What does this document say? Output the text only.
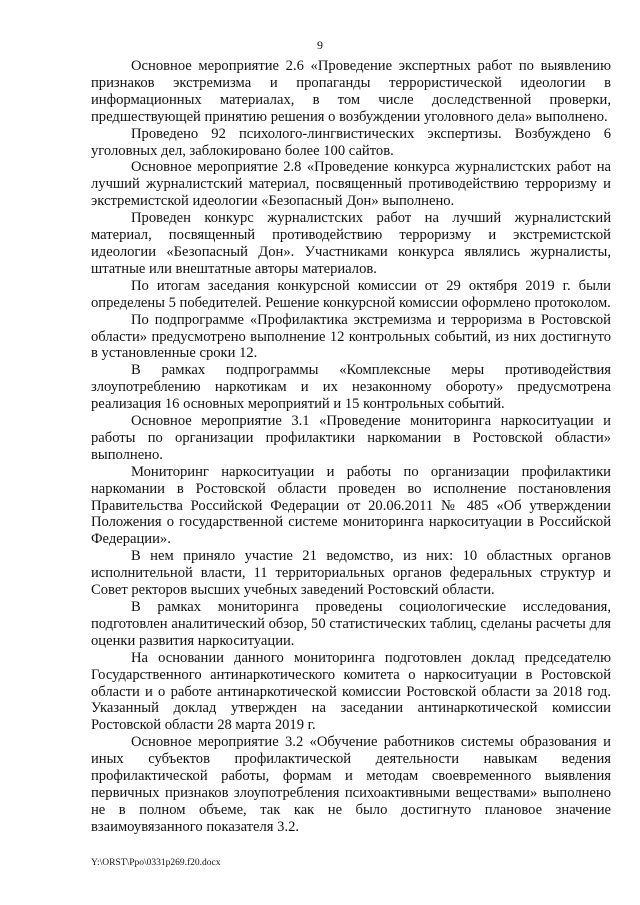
9

Основное мероприятие 2.6 «Проведение экспертных работ по выявлению признаков экстремизма и пропаганды террористической идеологии в информационных материалах, в том числе доследственной проверки, предшествующей принятию решения о возбуждении уголовного дела» выполнено.

Проведено 92 психолого-лингвистических экспертизы. Возбуждено 6 уголовных дел, заблокировано более 100 сайтов.

Основное мероприятие 2.8 «Проведение конкурса журналистских работ на лучший журналистский материал, посвященный противодействию терроризму и экстремистской идеологии «Безопасный Дон» выполнено.

Проведен конкурс журналистских работ на лучший журналистский материал, посвященный противодействию терроризму и экстремистской идеологии «Безопасный Дон». Участниками конкурса являлись журналисты, штатные или внештатные авторы материалов.

По итогам заседания конкурсной комиссии от 29 октября 2019 г. были определены 5 победителей. Решение конкурсной комиссии оформлено протоколом.

По подпрограмме «Профилактика экстремизма и терроризма в Ростовской области» предусмотрено выполнение 12 контрольных событий, из них достигнуто в установленные сроки 12.

В рамках подпрограммы «Комплексные меры противодействия злоупотреблению наркотикам и их незаконному обороту» предусмотрена реализация 16 основных мероприятий и 15 контрольных событий.

Основное мероприятие 3.1 «Проведение мониторинга наркоситуации и работы по организации профилактики наркомании в Ростовской области» выполнено.

Мониторинг наркоситуации и работы по организации профилактики наркомании в Ростовской области проведен во исполнение постановления Правительства Российской Федерации от 20.06.2011 № 485 «Об утверждении Положения о государственной системе мониторинга наркоситуации в Российской Федерации».

В нем приняло участие 21 ведомство, из них: 10 областных органов исполнительной власти, 11 территориальных органов федеральных структур и Совет ректоров высших учебных заведений Ростовский области.

В рамках мониторинга проведены социологические исследования, подготовлен аналитический обзор, 50 статистических таблиц, сделаны расчеты для оценки развития наркоситуации.

На основании данного мониторинга подготовлен доклад председателю Государственного антинаркотического комитета о наркоситуации в Ростовской области и о работе антинаркотической комиссии Ростовской области за 2018 год. Указанный доклад утвержден на заседании антинаркотической комиссии Ростовской области 28 марта 2019 г.

Основное мероприятие 3.2 «Обучение работников системы образования и иных субъектов профилактической деятельности навыкам ведения профилактической работы, формам и методам своевременного выявления первичных признаков злоупотребления психоактивными веществами» выполнено не в полном объеме, так как не было достигнуто плановое значение взаимоувязанного показателя 3.2.

Y:\ORST\Ppo\0331p269.f20.docx
